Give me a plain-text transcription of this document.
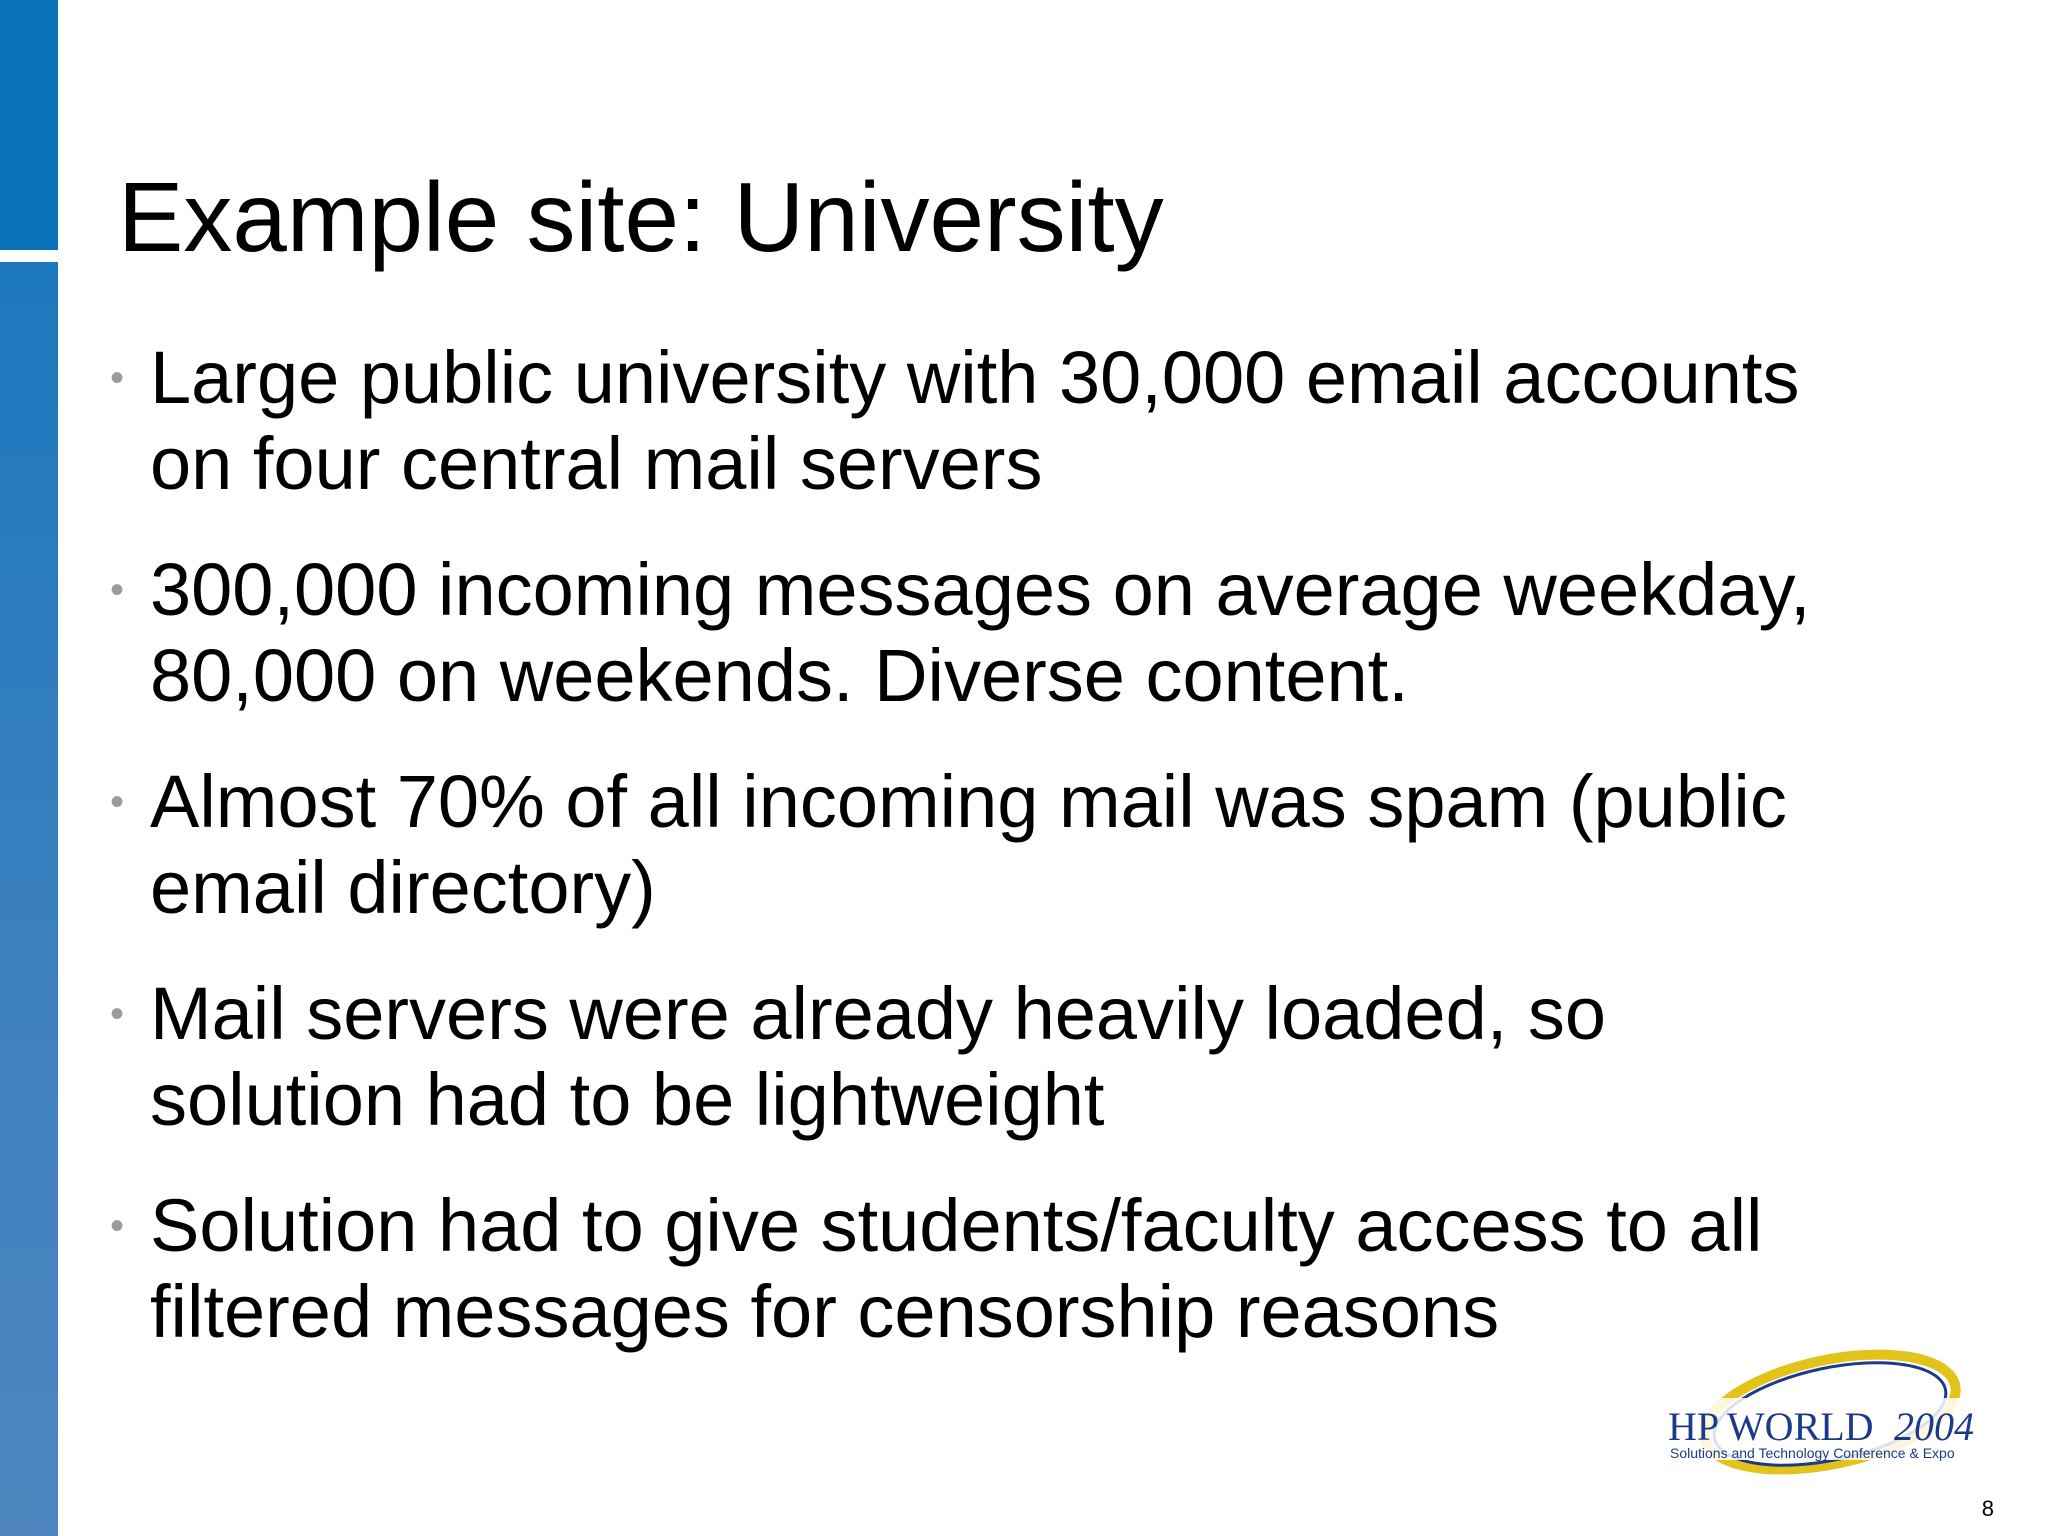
Example site: University
• Large public university with 30,000 email accounts
on four central mail servers
• 300,000 incoming messages on average weekday,
80,000 on weekends. Diverse content.
• Almost 70% of all incoming mail was spam (public
email directory)
• Mail servers were already heavily loaded, so
solution had to be lightweight
• Solution had to give students/faculty access to all
filtered messages for censorship reasons
HP WORLD 2004
Solutions and Technology Conference & Expo
8
